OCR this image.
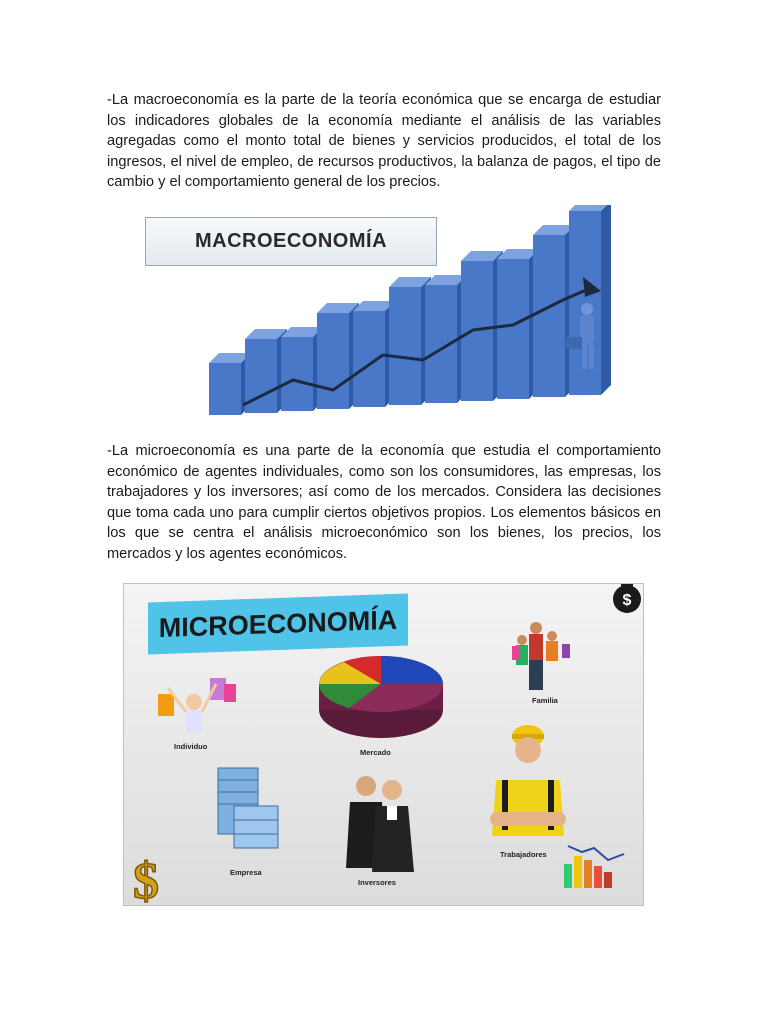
-La macroeconomía es la parte de la teoría económica que se encarga de estudiar los indicadores globales de la economía mediante el análisis de las variables agregadas como el monto total de bienes y servicios producidos, el total de los ingresos, el nivel de empleo, de recursos productivos, la balanza de pagos, el tipo de cambio y el comportamiento general de los precios.

MACROECONOMÍA

-La microeconomía es una parte de la economía que estudia el comportamiento económico de agentes individuales, como son los consumidores, las empresas, los trabajadores y los inversores; así como de los mercados. Considera las decisiones que toma cada uno para cumplir ciertos objetivos propios. Los elementos básicos en los que se centra el análisis microeconómico son los bienes, los precios, los mercados y los agentes económicos.

MICROECONOMÍA
$
$
Individuo
Mercado
Familia
Empresa
Inversores
Trabajadores
